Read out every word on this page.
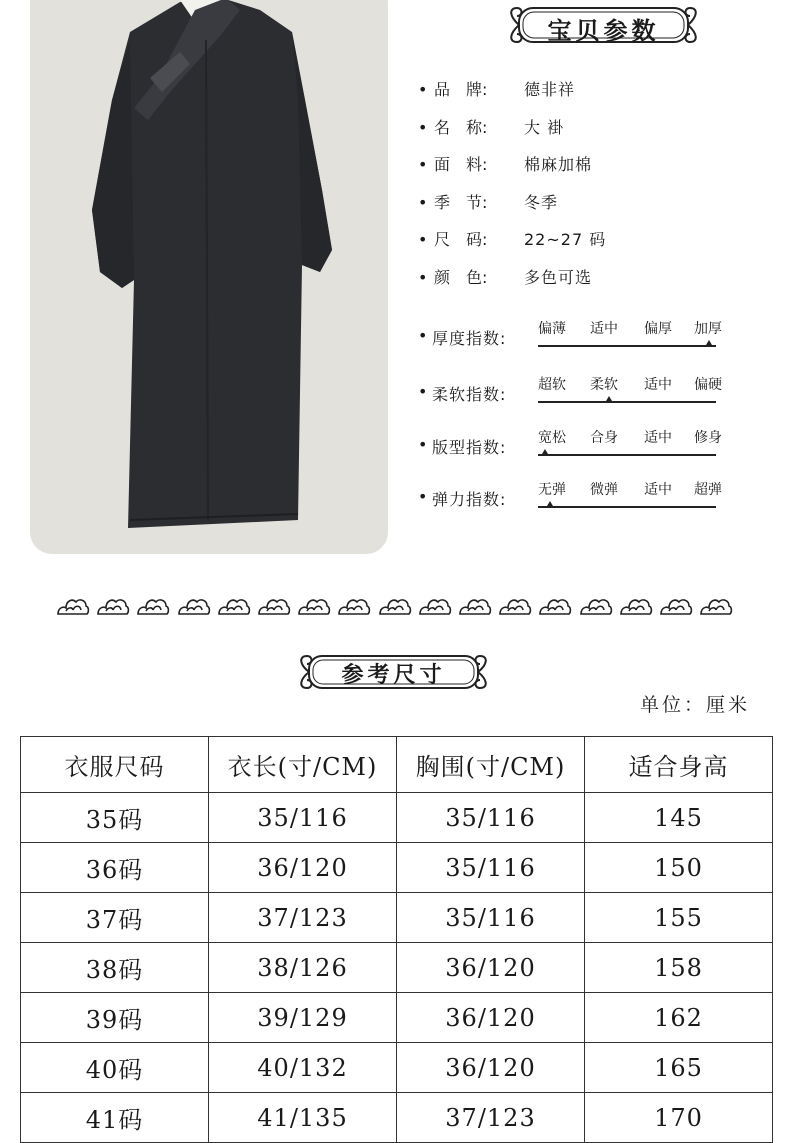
宝贝参数
• 品　牌: 德非祥
• 名　称: 大 褂
• 面　料: 棉麻加棉
• 季　节: 冬季
• 尺　码: 22~27 码
• 颜　色: 多色可选
• 厚度指数: 偏薄 适中 偏厚 加厚
• 柔软指数: 超软 柔软 适中 偏硬
• 版型指数: 宽松 合身 适中 修身
• 弹力指数: 无弹 微弹 适中 超弹
参考尺寸
单位：厘米
衣服尺码	衣长(寸/CM)	胸围(寸/CM)	适合身高
35码	35/116	35/116	145
36码	36/120	35/116	150
37码	37/123	35/116	155
38码	38/126	36/120	158
39码	39/129	36/120	162
40码	40/132	36/120	165
41码	41/135	37/123	170
